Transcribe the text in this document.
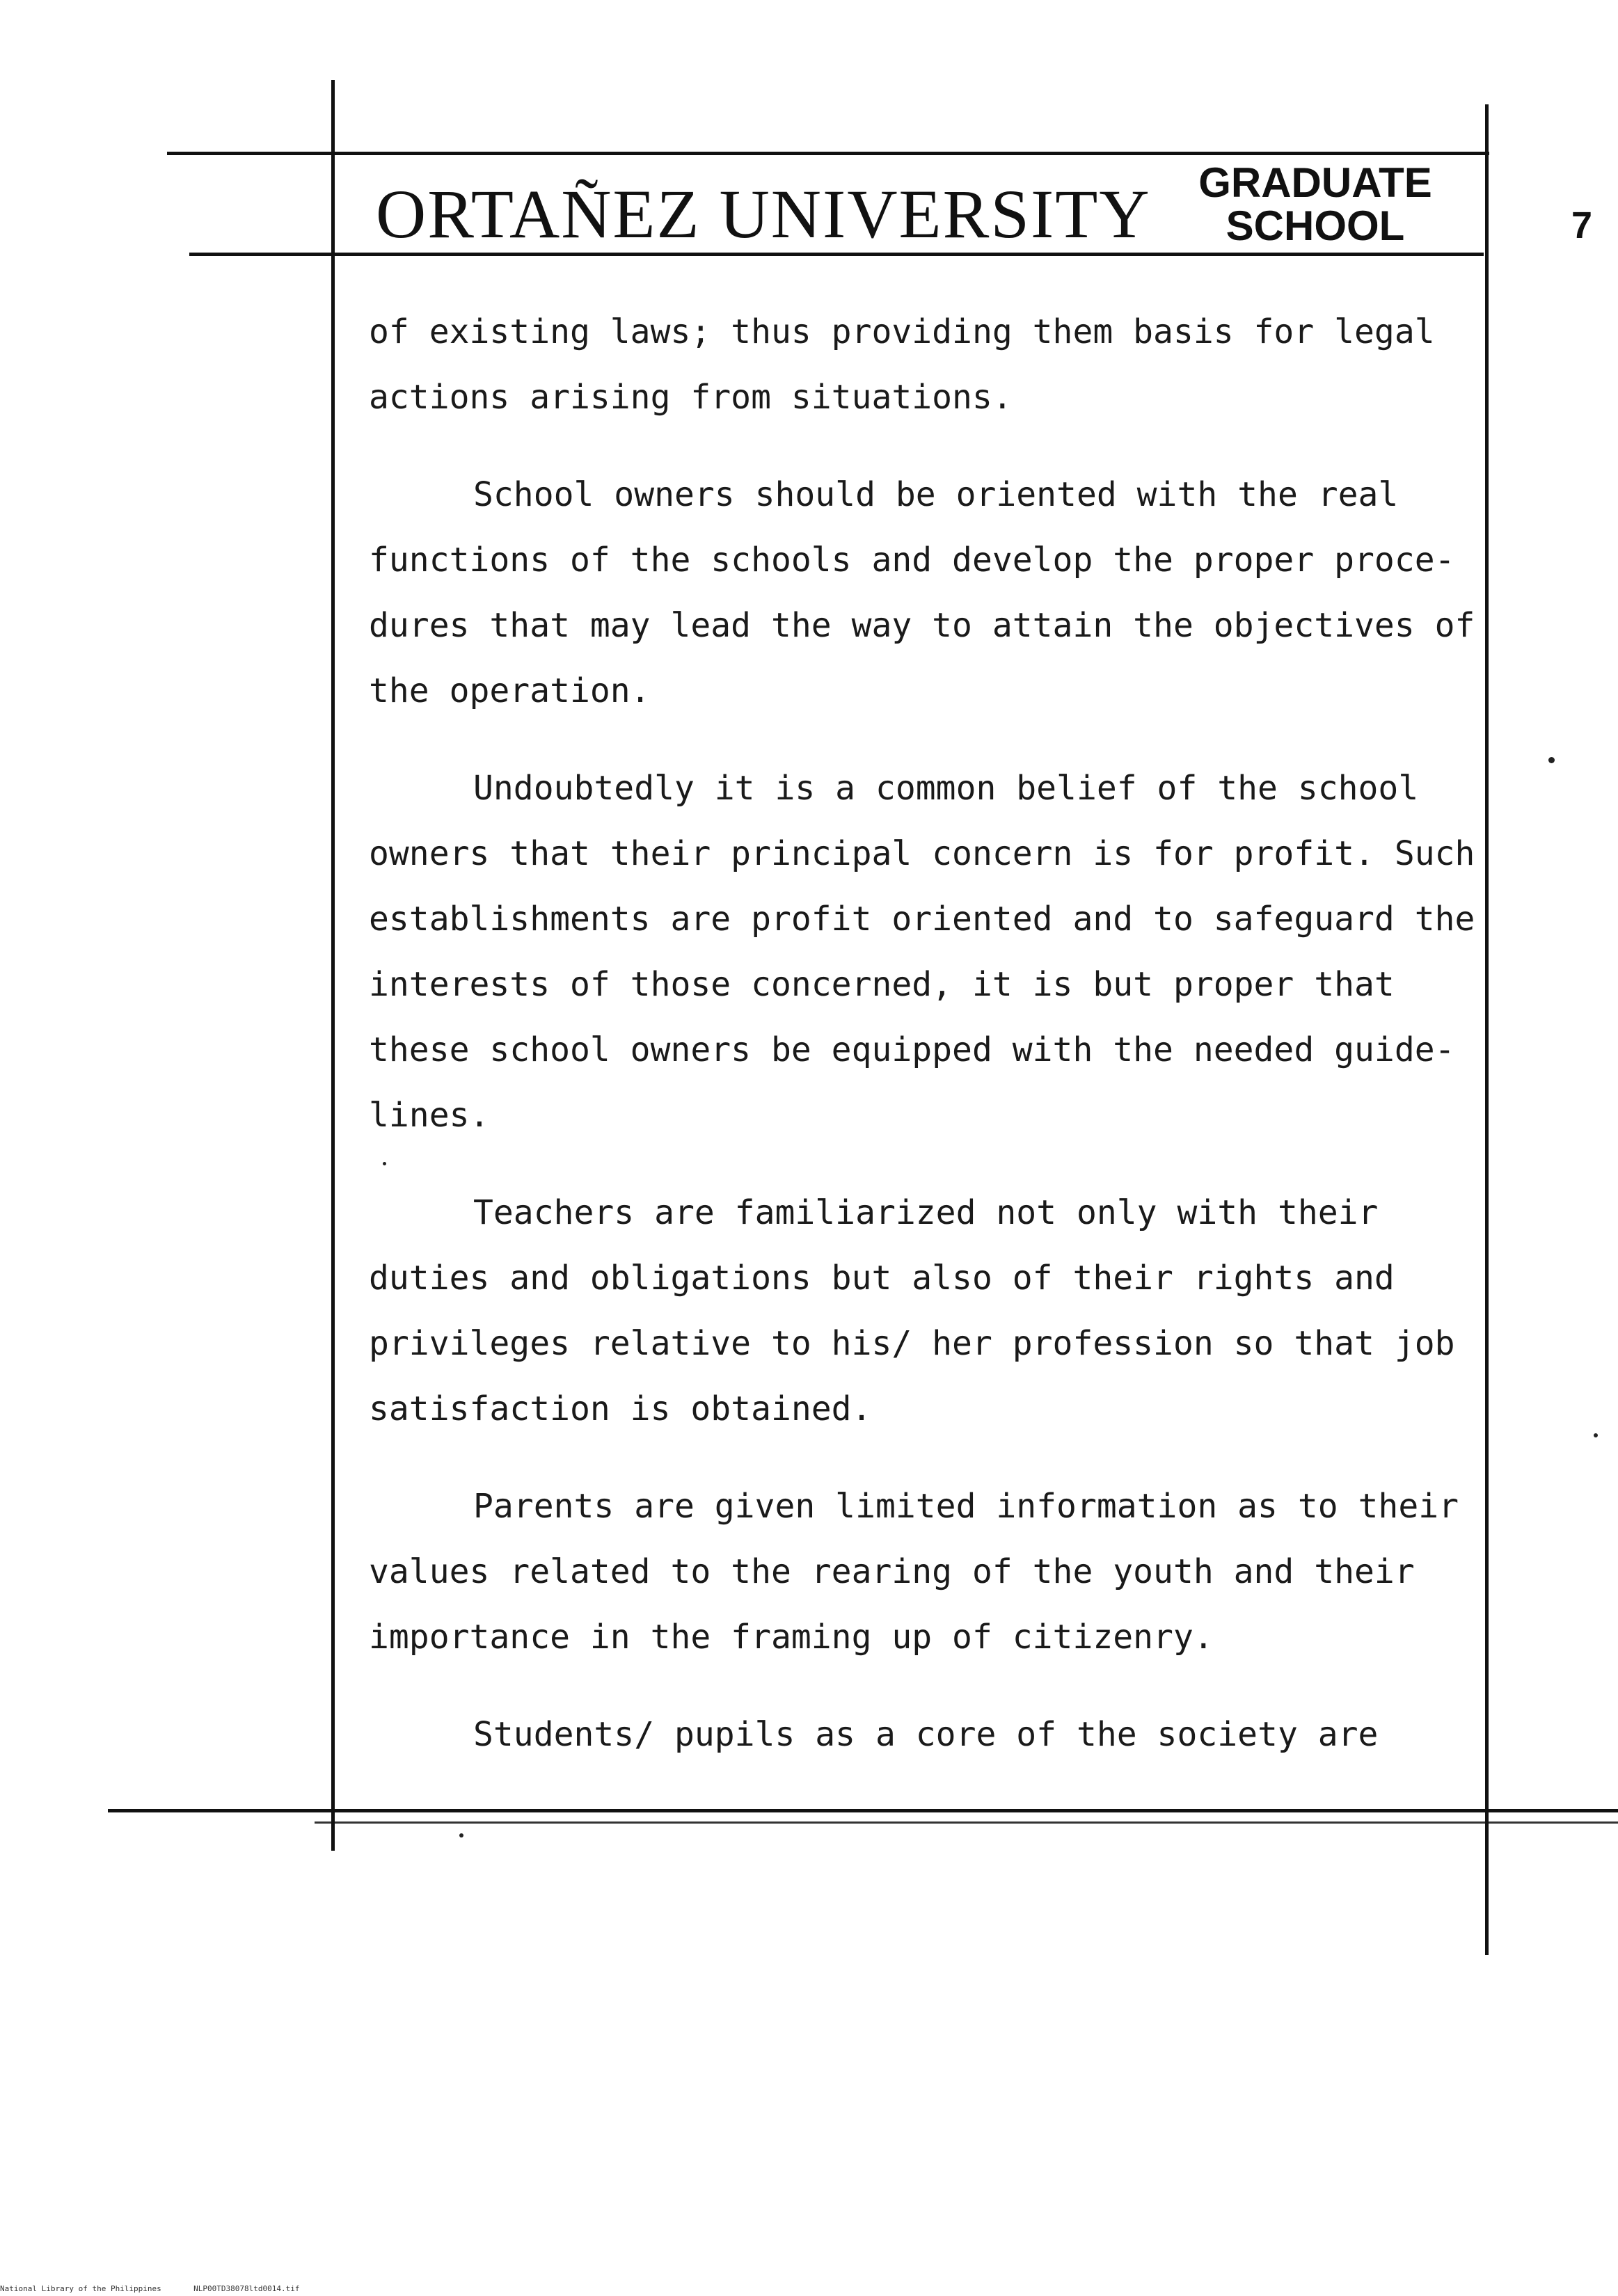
ORTAÑEZ UNIVERSITY	GRADUATE
SCHOOL	7

of existing laws; thus providing them basis for legal
actions arising from situations.

School owners should be oriented with the real
functions of the schools and develop the proper proce-
dures that may lead the way to attain the objectives of
the operation.

Undoubtedly it is a common belief of the school
owners that their principal concern is for profit. Such
establishments are profit oriented and to safeguard the
interests of those concerned, it is but proper that
these school owners be equipped with the needed guide-
lines.

Teachers are familiarized not only with their
duties and obligations but also of their rights and
privileges relative to his/ her profession so that job
satisfaction is obtained.

Parents are given limited information as to their
values related to the rearing of the youth and their
importance in the framing up of citizenry.

Students/ pupils as a core of the society are

National Library of the Philippines	NLP00TD38078ltd0014.tif
